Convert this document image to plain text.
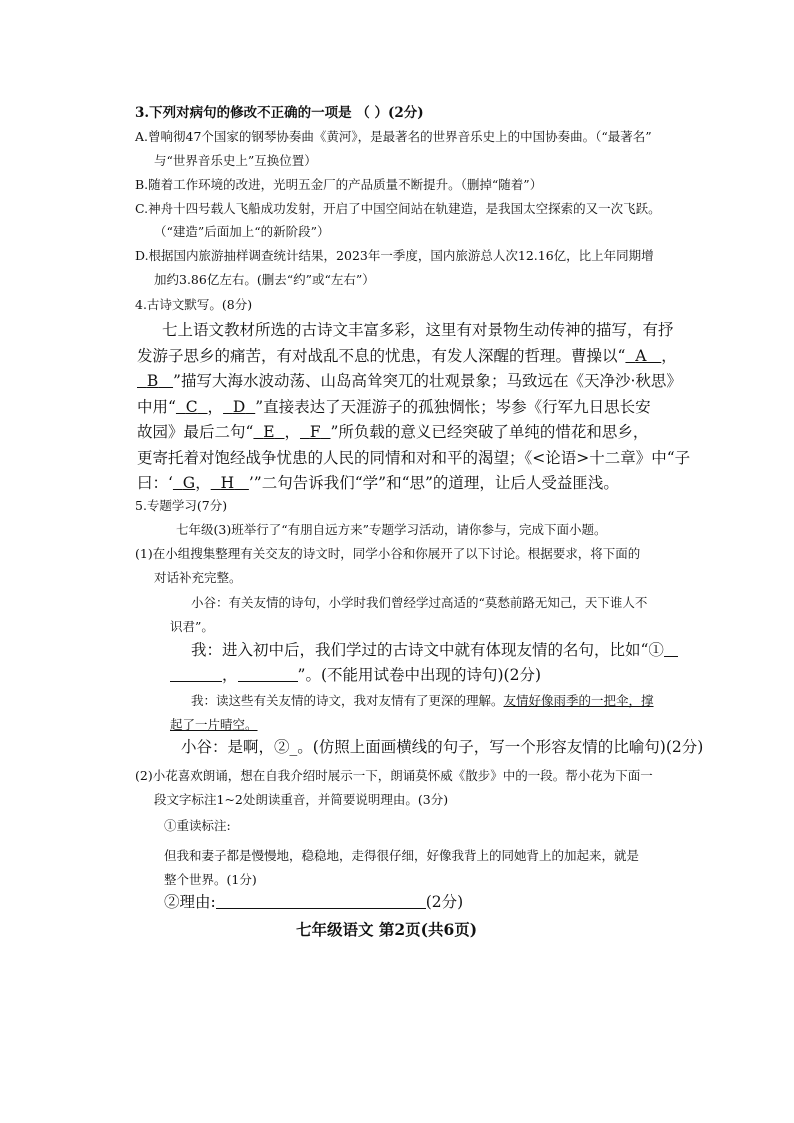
3.下列对病句的修改不正确的一项是 （ ）(2分)
A.曾响彻47个国家的钢琴协奏曲《黄河》，是最著名的世界音乐史上的中国协奏曲。（“最著名”
与“世界音乐史上”互换位置）
B.随着工作环境的改进，光明五金厂的产品质量不断提升。（删掉“随着”）
C.神舟十四号载人飞船成功发射，开启了中国空间站在轨建造，是我国太空探索的又一次飞跃。
（“建造”后面加上“的新阶段”）
D.根据国内旅游抽样调查统计结果，2023年一季度，国内旅游总人次12.16亿，比上年同期增
加约3.86亿左右。(删去“约”或“左右”）
4.古诗文默写。(8分)
七上语文教材所选的古诗文丰富多彩，这里有对景物生动传神的描写，有抒
发游子思乡的痛苦，有对战乱不息的忧患，有发人深醒的哲理。曹操以“ A ，
B ”描写大海水波动荡、山岛高耸突兀的壮观景象；马致远在《天净沙·秋思》
中用“ C ， D ”直接表达了天涯游子的孤独惆怅；岑参《行军九日思长安
故园》最后二句“ E ， F ”所负载的意义已经突破了单纯的惜花和思乡，
更寄托着对饱经战争忧患的人民的同情和对和平的渴望；《<论语>十二章》中“子
曰：‘ G， H ’”二句告诉我们“学”和“思”的道理，让后人受益匪浅。
5.专题学习(7分)
七年级(3)班举行了“有朋自远方来”专题学习活动，请你参与，完成下面小题。
(1)在小组搜集整理有关交友的诗文时，同学小谷和你展开了以下讨论。根据要求，将下面的
对话补充完整。
小谷：有关友情的诗句，小学时我们曾经学过高适的“莫愁前路无知己，天下谁人不
识君”。
我：进入初中后，我们学过的古诗文中就有体现友情的名句，比如“①
，	”。(不能用试卷中出现的诗句)(2分)
我：读这些有关友情的诗文，我对友情有了更深的理解。友情好像雨季的一把伞，撑
起了一片晴空。
小谷：是啊，②_。(仿照上面画横线的句子，写一个形容友情的比喻句)(2分)
(2)小花喜欢朗诵，想在自我介绍时展示一下，朗诵莫怀威《散步》中的一段。帮小花为下面一
段文字标注1~2处朗读重音，并简要说明理由。(3分)
①重读标注:
但我和妻子都是慢慢地，稳稳地，走得很仔细，好像我背上的同她背上的加起来，就是
整个世界。(1分)
②理由:	(2分)
七年级语文 第2页(共6页)
